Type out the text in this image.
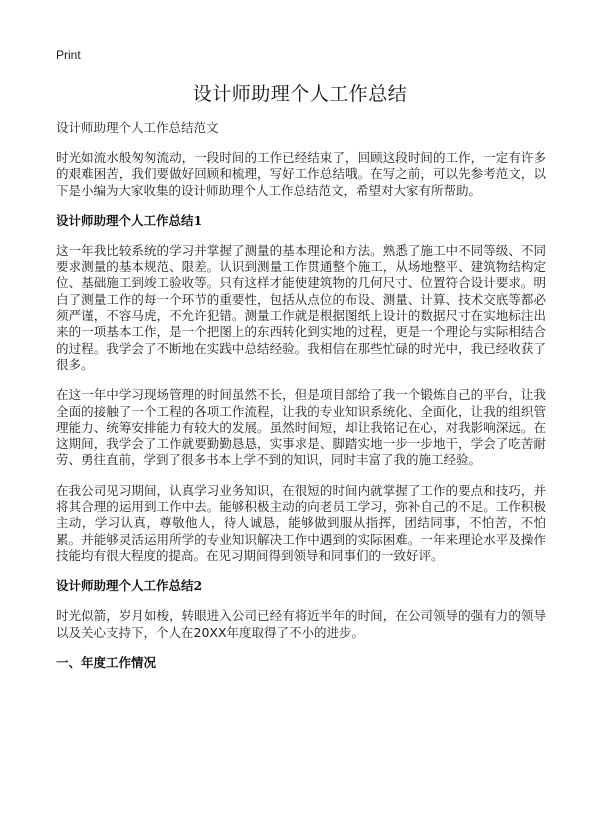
Print
设计师助理个人工作总结

设计师助理个人工作总结范文

时光如流水般匆匆流动，一段时间的工作已经结束了，回顾这段时间的工作，一定有许多的艰难困苦，我们要做好回顾和梳理，写好工作总结哦。在写之前，可以先参考范文，以下是小编为大家收集的设计师助理个人工作总结范文，希望对大家有所帮助。

设计师助理个人工作总结1

这一年我比较系统的学习并掌握了测量的基本理论和方法。熟悉了施工中不同等级、不同要求测量的基本规范、限差。认识到测量工作贯通整个施工，从场地整平、建筑物结构定位、基础施工到竣工验收等。只有这样才能使建筑物的几何尺寸、位置符合设计要求。明白了测量工作的每一个环节的重要性，包括从点位的布设、测量、计算、技术交底等都必须严谨，不容马虎，不允许犯错。测量工作就是根据图纸上设计的数据尺寸在实地标注出来的一项基本工作，是一个把图上的东西转化到实地的过程，更是一个理论与实际相结合的过程。我学会了不断地在实践中总结经验。我相信在那些忙碌的时光中，我已经收获了很多。

在这一年中学习现场管理的时间虽然不长，但是项目部给了我一个锻炼自己的平台，让我全面的接触了一个工程的各项工作流程，让我的专业知识系统化、全面化，让我的组织管理能力、统筹安排能力有较大的发展。虽然时间短，却让我铭记在心，对我影响深远。在这期间，我学会了工作就要勤勤恳恳，实事求是、脚踏实地一步一步地干，学会了吃苦耐劳、勇往直前，学到了很多书本上学不到的知识，同时丰富了我的施工经验。

在我公司见习期间，认真学习业务知识，在很短的时间内就掌握了工作的要点和技巧，并将其合理的运用到工作中去。能够积极主动的向老员工学习，弥补自己的不足。工作积极主动，学习认真，尊敬他人，待人诚恳，能够做到服从指挥，团结同事，不怕苦，不怕累。并能够灵活运用所学的专业知识解决工作中遇到的实际困难。一年来理论水平及操作技能均有很大程度的提高。在见习期间得到领导和同事们的一致好评。

设计师助理个人工作总结2

时光似箭，岁月如梭，转眼进入公司已经有将近半年的时间，在公司领导的强有力的领导以及关心支持下，个人在20XX年度取得了不小的进步。

一、年度工作情况
